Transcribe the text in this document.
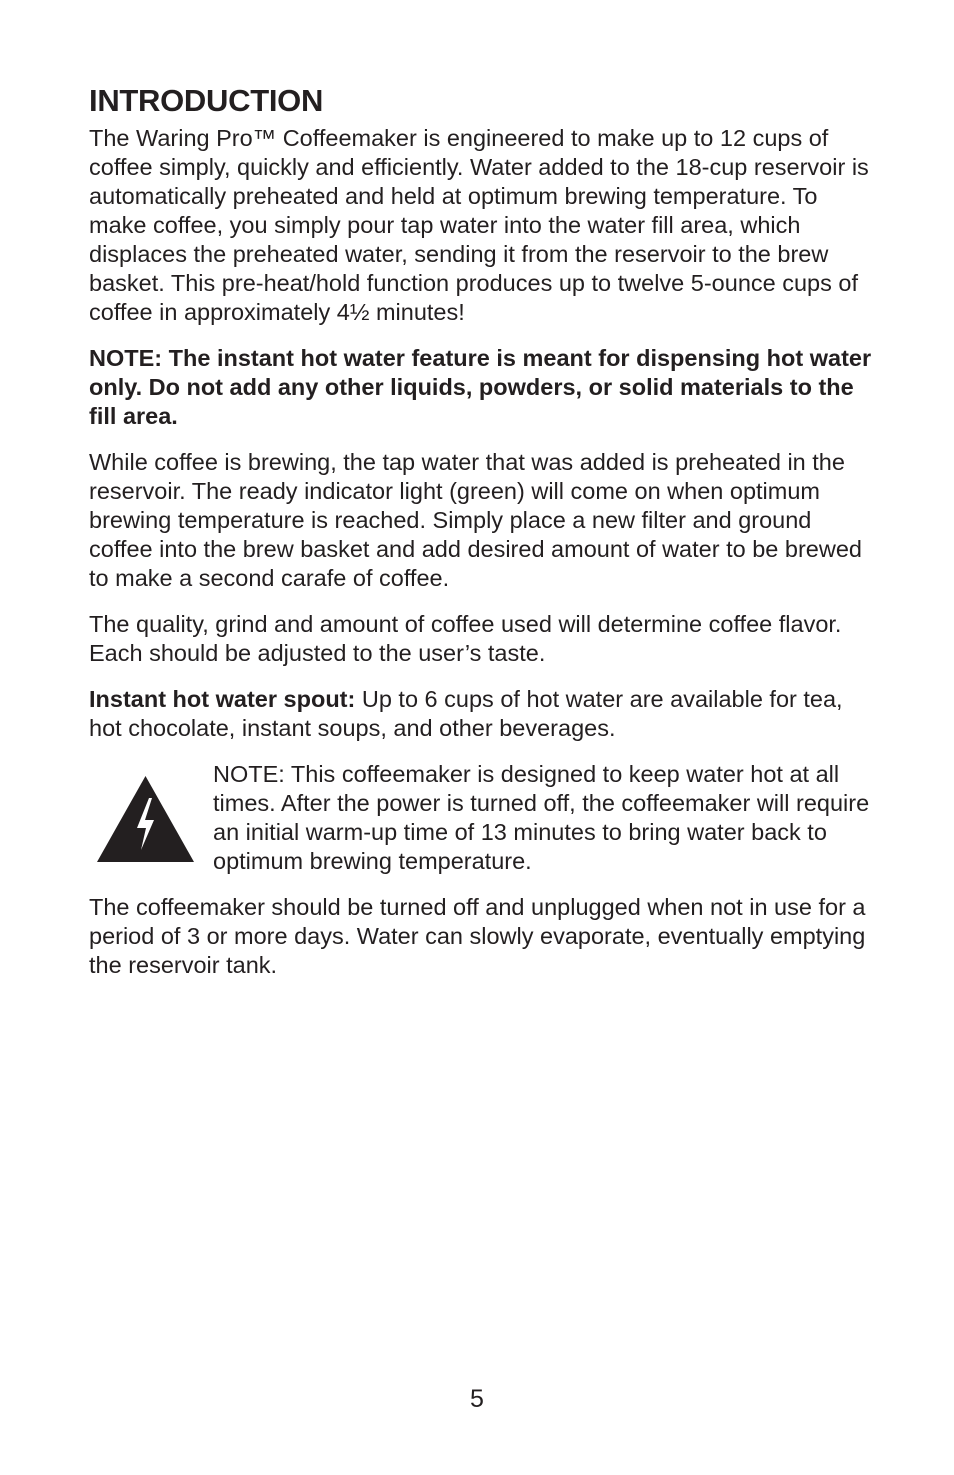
INTRODUCTION

The Waring Pro™ Coffeemaker is engineered to make up to 12 cups of coffee simply, quickly and efficiently. Water added to the 18-cup reservoir is automatically preheated and held at optimum brewing temperature. To make coffee, you simply pour tap water into the water fill area, which displaces the preheated water, sending it from the reservoir to the brew basket. This pre-heat/hold function produces up to twelve 5-ounce cups of coffee in approximately 4½ minutes!

NOTE: The instant hot water feature is meant for dispensing hot water only. Do not add any other liquids, powders, or solid materials to the fill area.

While coffee is brewing, the tap water that was added is preheated in the reservoir. The ready indicator light (green) will come on when optimum brewing temperature is reached. Simply place a new filter and ground coffee into the brew basket and add desired amount of water to be brewed to make a second carafe of coffee.

The quality, grind and amount of coffee used will determine coffee flavor. Each should be adjusted to the user’s taste.

Instant hot water spout: Up to 6 cups of hot water are available for tea, hot chocolate, instant soups, and other beverages.

NOTE: This coffeemaker is designed to keep water hot at all times. After the power is turned off, the coffeemaker will require an initial warm-up time of 13 minutes to bring water back to optimum brewing temperature.

The coffeemaker should be turned off and unplugged when not in use for a period of 3 or more days. Water can slowly evaporate, eventually emptying the reservoir tank.

5
